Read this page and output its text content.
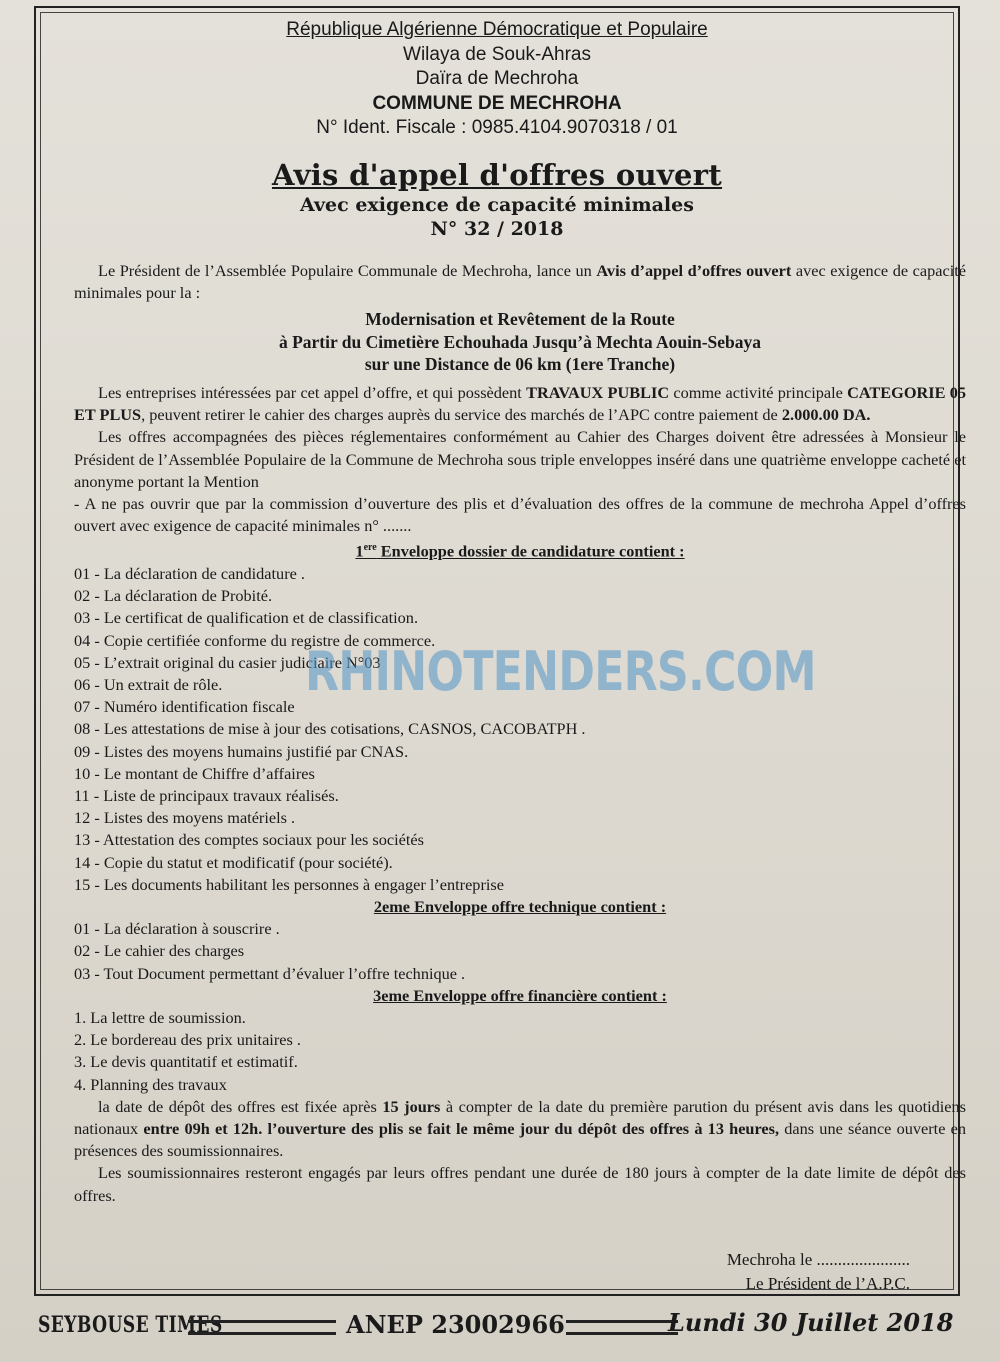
République Algérienne Démocratique et Populaire
Wilaya de Souk-Ahras
Daïra de Mechroha
COMMUNE DE MECHROHA
N° Ident. Fiscale : 0985.4104.9070318 / 01
Avis d'appel d'offres ouvert
Avec exigence de capacité minimales
N° 32 / 2018

Le Président de l’Assemblée Populaire Communale de Mechroha, lance un Avis d’appel d’offres ouvert avec exigence de capacité minimales pour la :

Modernisation et Revêtement de la Route
à Partir du Cimetière Echouhada Jusqu’à Mechta Aouin-Sebaya
sur une Distance de 06 km (1ere Tranche)

Les entreprises intéressées par cet appel d’offre, et qui possèdent TRAVAUX PUBLIC comme activité principale CATEGORIE 05 ET PLUS, peuvent retirer le cahier des charges auprès du service des marchés de l’APC contre paiement de 2.000.00 DA.

Les offres accompagnées des pièces réglementaires conformément au Cahier des Charges doivent être adressées à Monsieur le Président de l’Assemblée Populaire de la Commune de Mechroha sous triple enveloppes inséré dans une quatrième enveloppe cacheté et anonyme portant la Mention

- A ne pas ouvrir que par la commission d’ouverture des plis et d’évaluation des offres de la commune de mechroha Appel d’offres ouvert avec exigence de capacité minimales n° .......

1ere Enveloppe dossier de candidature contient :

01 - La déclaration de candidature .
02 - La déclaration de Probité.
03 - Le certificat de qualification et de classification.
04 - Copie certifiée conforme du registre de commerce.
05 - L’extrait original du casier judiciaire N°03
06 - Un extrait de rôle.
07 - Numéro identification fiscale
08 - Les attestations de mise à jour des cotisations, CASNOS, CACOBATPH .
09 - Listes des moyens humains justifié par CNAS.
10 - Le montant de Chiffre d’affaires
11 - Liste de principaux travaux réalisés.
12 - Listes des moyens matériels .
13 - Attestation des comptes sociaux pour les sociétés
14 - Copie du statut et modificatif (pour société).
15 - Les documents habilitant les personnes à engager l’entreprise

2eme Enveloppe offre technique contient :

01 - La déclaration à souscrire .
02 - Le cahier des charges
03 - Tout Document permettant d’évaluer l’offre technique .

3eme Enveloppe offre financière contient :

1. La lettre de soumission.
2. Le bordereau des prix unitaires .
3. Le devis quantitatif et estimatif.
4. Planning des travaux

la date de dépôt des offres est fixée après 15 jours à compter de la date du première parution du présent avis dans les quotidiens nationaux entre 09h et 12h. l’ouverture des plis se fait le même jour du dépôt des offres à 13 heures, dans une séance ouverte en présences des soumissionnaires.

Les soumissionnaires resteront engagés par leurs offres pendant une durée de 180 jours à compter de la date limite de dépôt des offres.

Mechroha le ......................
Le Président de l’A.P.C.
RHINOTENDERS.COM
SEYBOUSE TIMES	ANEP 23002966	Lundi 30 Juillet 2018
